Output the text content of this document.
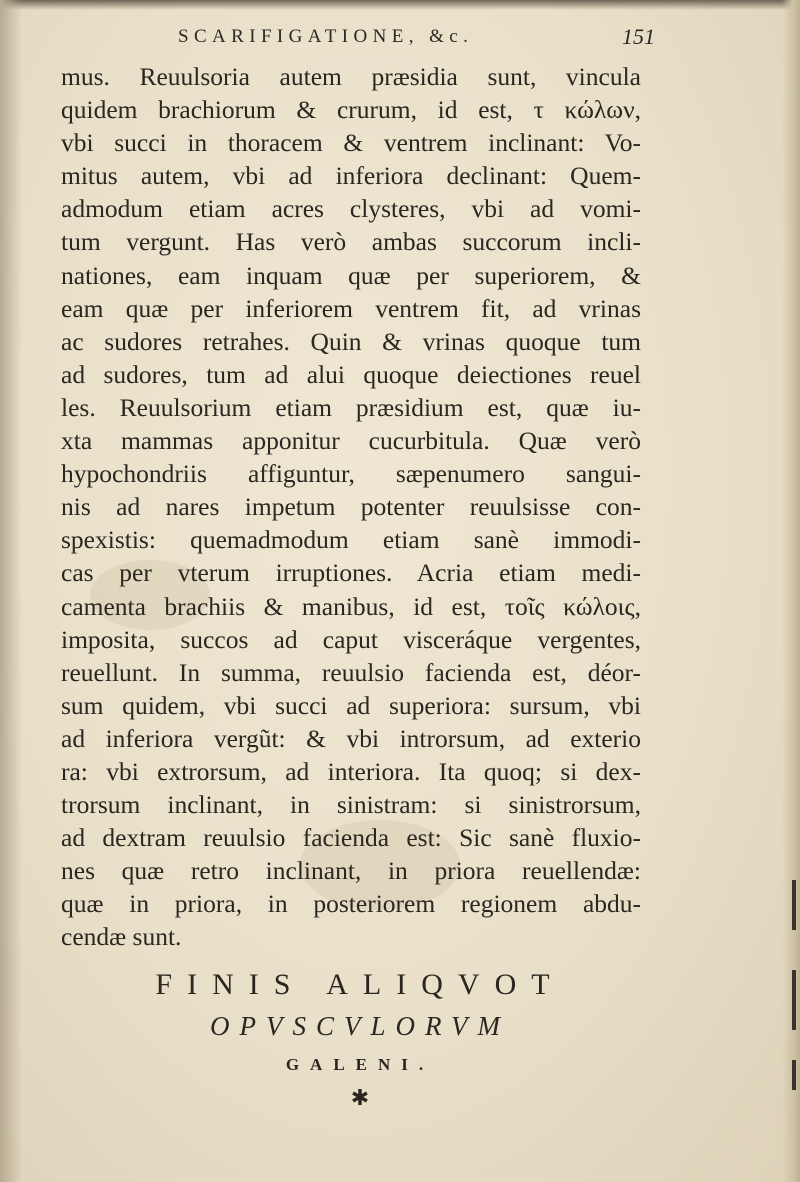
SCARIFIGATIONE, &c.	151
mus. Reuulsoria autem præsidia sunt, vincula
quidem brachiorum & crurum, id est, τ κώλων,
vbi succi in thoracem & ventrem inclinant: Vo-
mitus autem, vbi ad inferiora declinant: Quem-
admodum etiam acres clysteres, vbi ad vomi-
tum vergunt. Has verò ambas succorum incli-
nationes, eam inquam quæ per superiorem, &
eam quæ per inferiorem ventrem fit, ad vrinas
ac sudores retrahes. Quin & vrinas quoque tum
ad sudores, tum ad alui quoque deiectiones reuel
les. Reuulsorium etiam præsidium est, quæ iu-
xta mammas apponitur cucurbitula. Quæ verò
hypochondriis affiguntur, sæpenumero sangui-
nis ad nares impetum potenter reuulsisse con-
spexistis: quemadmodum etiam sanè immodi-
cas per vterum irruptiones. Acria etiam medi-
camenta brachiis & manibus, id est, τοῖς κώλοις,
imposita, succos ad caput visceráque vergentes,
reuellunt. In summa, reuulsio facienda est, déor-
sum quidem, vbi succi ad superiora: sursum, vbi
ad inferiora vergũt: & vbi introrsum, ad exterio
ra: vbi extrorsum, ad interiora. Ita quoq; si dex-
trorsum inclinant, in sinistram: si sinistrorsum,
ad dextram reuulsio facienda est: Sic sanè fluxio-
nes quæ retro inclinant, in priora reuellendæ:
quæ in priora, in posteriorem regionem abdu-
cendæ sunt.
FINIS ALIQVOT
OPVSCVLORVM
GALENI.
✱
